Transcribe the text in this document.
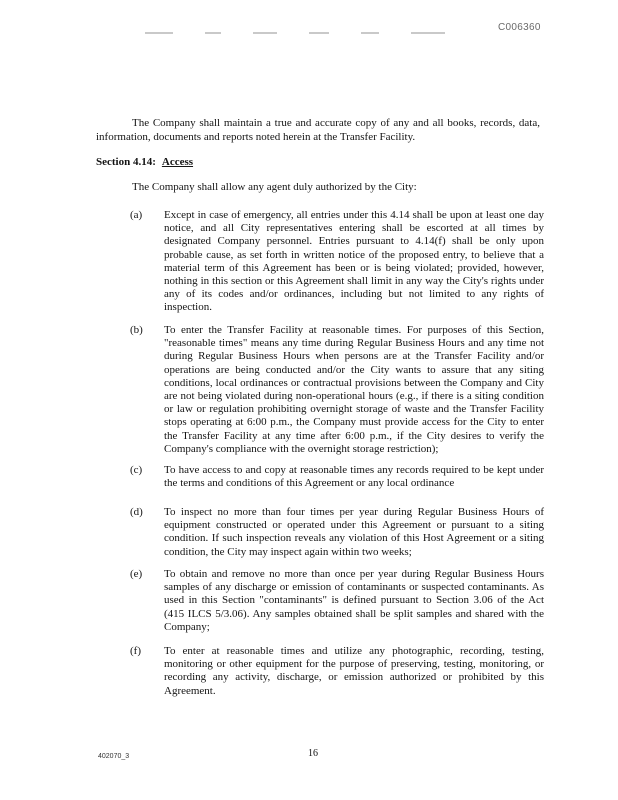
C006360

The Company shall maintain a true and accurate copy of any and all books, records, data, information, documents and reports noted herein at the Transfer Facility.

Section 4.14: Access
The Company shall allow any agent duly authorized by the City:
(a)	Except in case of emergency, all entries under this 4.14 shall be upon at least one day notice, and all City representatives entering shall be escorted at all times by designated Company personnel. Entries pursuant to 4.14(f) shall be only upon probable cause, as set forth in written notice of the proposed entry, to believe that a material term of this Agreement has been or is being violated; provided, however, nothing in this section or this Agreement shall limit in any way the City's rights under any of its codes and/or ordinances, including but not limited to any rights of inspection.
(b)	To enter the Transfer Facility at reasonable times. For purposes of this Section, "reasonable times" means any time during Regular Business Hours and any time not during Regular Business Hours when persons are at the Transfer Facility and/or operations are being conducted and/or the City wants to assure that any siting conditions, local ordinances or contractual provisions between the Company and City are not being violated during non-operational hours (e.g., if there is a siting condition or law or regulation prohibiting overnight storage of waste and the Transfer Facility stops operating at 6:00 p.m., the Company must provide access for the City to enter the Transfer Facility at any time after 6:00 p.m., if the City desires to verify the Company's compliance with the overnight storage restriction);
(c)	To have access to and copy at reasonable times any records required to be kept under the terms and conditions of this Agreement or any local ordinance
(d)	To inspect no more than four times per year during Regular Business Hours of equipment constructed or operated under this Agreement or pursuant to a siting condition. If such inspection reveals any violation of this Host Agreement or a siting condition, the City may inspect again within two weeks;
(e)	To obtain and remove no more than once per year during Regular Business Hours samples of any discharge or emission of contaminants or suspected contaminants. As used in this Section "contaminants" is defined pursuant to Section 3.06 of the Act (415 ILCS 5/3.06). Any samples obtained shall be split samples and shared with the Company;
(f)	To enter at reasonable times and utilize any photographic, recording, testing, monitoring or other equipment for the purpose of preserving, testing, monitoring, or recording any activity, discharge, or emission authorized or prohibited by this Agreement.
402070_3	16
